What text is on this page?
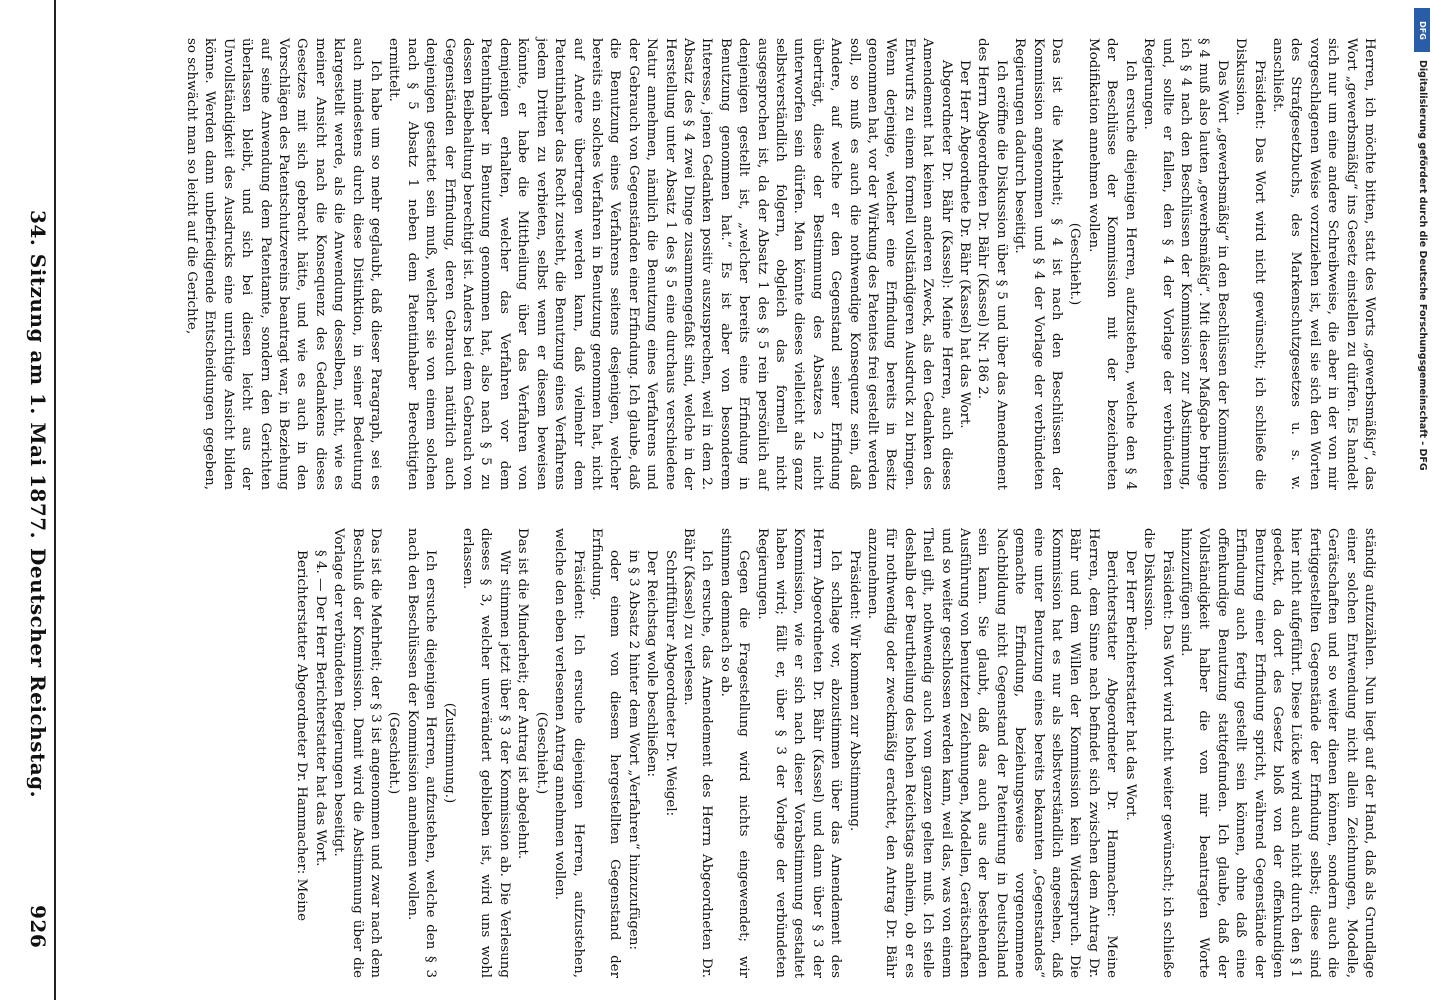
926
Deutscher Reichstag.
34. Sitzung am 1. Mai 1877.

ständig aufzuzählen. Nun liegt auf der Hand, daß als Grundlage einer solchen Entwendung nicht allein Zeichnungen, Modelle, Gerätschaften und so weiter dienen können, sondern auch die fertiggestellten Gegenstände der Erfindung selbst; diese sind hier nicht aufgeführt. Diese Lücke wird auch nicht durch den § 1 gedeckt, da dort des Gesetz bloß von der offenkundigen Benutzung einer Erfindung spricht, während Gegenstände der Erfindung auch fertig gestellt sein können, ohne daß eine offenkundige Benutzung stattgefunden. Ich glaube, daß der Vollständigkeit halber die von mir beantragten Worte hinzuzufügen sind.

Präsident: Das Wort wird nicht weiter gewünscht; ich schließe die Diskussion.

Der Herr Berichterstatter hat das Wort.

Berichterstatter Abgeordneter Dr. Hammacher: Meine Herren, dem Sinne nach befindet sich zwischen dem Antrag Dr. Bähr und dem Willen der Kommission kein Widerspruch. Die Kommission hat es nur als selbstverständlich angesehen, daß eine unter Benutzung eines bereits bekannten „Gegenstandes“ gemachte Erfindung, beziehungsweise vorgenommene Nachbildung nicht Gegenstand der Patentirung in Deutschland sein kann. Sie glaubt, daß das auch aus der bestehenden Ausführung von benutzten Zeichnungen, Modellen, Gerätschaften und so weiter geschlossen werden kann, weil das, was von einem Theil gilt, nothwendig auch vom ganzen gelten muß. Ich stelle deshalb der Beurtheilung des hohen Reichstags anheim, ob er es für nothwendig oder zweckmäßig erachtet, den Antrag Dr. Bähr anzunehmen.

Präsident: Wir kommen zur Abstimmung.

Ich schlage vor, abzustimmen über das Amendement des Herrn Abgeordneten Dr. Bähr (Kassel) und dann über § 3 der Kommission, wie er sich nach dieser Vorabstimmung gestaltet haben wird; fällt er, über § 3 der Vorlage der verbündeten Regierungen.

Gegen die Fragestellung wird nichts eingewendet; wir stimmen demnach so ab.

Ich ersuche, das Amendement des Herrn Abgeordneten Dr. Bähr (Kassel) zu verlesen.

Schriftführer Abgeordneter Dr. Weigel:

Der Reichstag wolle beschließen:

in § 3 Absatz 2 hinter dem Wort „Verfahren“ hinzuzufügen:

oder einem von diesem hergestellten Gegenstand der Erfindung.

Präsident: Ich ersuche diejenigen Herren, aufzustehen, welche den eben verlesenen Antrag annehmen wollen.

(Geschieht.)

Das ist die Minderheit; der Antrag ist abgelehnt.

Wir stimmen jetzt über § 3 der Kommission ab. Die Verlesung dieses § 3, welcher unverändert geblieben ist, wird uns wohl erlassen.

(Zustimmung.)

Ich ersuche diejenigen Herren, aufzustehen, welche den § 3 nach den Beschlüssen der Kommission annehmen wollen.

(Geschieht.)

Das ist die Mehrheit; der § 3 ist angenommen und zwar nach dem Beschluß der Kommission. Damit wird die Abstimmung über die Vorlage der verbündeten Regierungen beseitigt.

§ 4. — Der Herr Berichterstatter hat das Wort.

Berichterstatter Abgeordneter Dr. Hammacher: Meine

Herren, ich möchte bitten, statt des Worts „gewerbsmäßig“, das Wort „gewerbsmäßig“ ins Gesetz einstellen zu dürfen. Es handelt sich nur um eine andere Schreibweise, die aber in der von mir vorgeschlagenen Weise vorzuziehen ist, weil sie sich den Worten des Strafgesetzbuchs, des Markenschutzgesetzes u. s. w. anschließt.

Präsident: Das Wort wird nicht gewünscht; ich schließe die Diskussion.

Das Wort „gewerbsmäßig“ in den Beschlüssen der Kommission § 4 muß also lauten „gewerbsmäßig“. Mit dieser Maßgabe bringe ich § 4 nach den Beschlüssen der Kommission zur Abstimmung, und, sollte er fallen, den § 4 der Vorlage der verbündeten Regierungen.

Ich ersuche diejenigen Herren, aufzustehen, welche den § 4 der Beschlüsse der Kommission mit der bezeichneten Modifikation annehmen wollen.

(Geschieht.)

Das ist die Mehrheit; § 4 ist nach den Beschlüssen der Kommission angenommen und § 4 der Vorlage der verbündeten Regierungen dadurch beseitigt.

Ich eröffne die Diskussion über § 5 und über das Amendement des Herrn Abgeordneten Dr. Bähr (Kassel) Nr. 186 2.

Der Herr Abgeordnete Dr. Bähr (Kassel) hat das Wort.

Abgeordneter Dr. Bähr (Kassel): Meine Herren, auch dieses Amendement hat keinen anderen Zweck, als den Gedanken des Entwurfs zu einem formell vollständigeren Ausdruck zu bringen. Wenn derjenige, welcher eine Erfindung bereits in Besitz genommen hat, vor der Wirkung des Patentes frei gestellt werden soll, so muß es auch die nothwendige Konsequenz sein, daß Andere, auf welche er den Gegenstand seiner Erfindung überträgt, diese der Bestimmung des Absatzes 2 nicht unterworfen sein dürfen. Man könnte dieses vielleicht als ganz selbstverständlich folgern, obgleich das formell nicht ausgesprochen ist, da der Absatz 1 des § 5 rein persönlich auf denjenigen gestellt ist, „welcher bereits eine Erfindung in Benutzung genommen hat.“ Es ist aber von besonderem Interesse, jenen Gedanken positiv auszusprechen, weil in dem 2. Absatz des § 4 zwei Dinge zusammengefaßt sind, welche in der Herstellung unter Absatz 1 des § 5 eine durchaus verschiedene Natur annehmen, nämlich die Benutzung eines Verfahrens und der Gebrauch von Gegenständen einer Erfindung. Ich glaube, daß die Benutzung eines Verfahrens seitens desjenigen, welcher bereits ein solches Verfahren in Benutzung genommen hat, nicht auf Andere übertragen werden kann, daß vielmehr dem Patentinhaber das Recht zusteht, die Benutzung eines Verfahrens jedem Dritten zu verbieten, selbst wenn er diesem beweisen könnte, er habe die Mittheilung über das Verfahren von demjenigen erhalten, welcher das Verfahren vor dem Patentinhaber in Benutzung genommen hat, also nach § 5 zu dessen Beibehaltung berechtigt ist. Anders bei dem Gebrauch von Gegenständen der Erfindung, deren Gebrauch natürlich auch denjenigen gestattet sein muß, welcher sie von einem solchen nach § 5 Absatz 1 neben dem Patentinhaber Berechtigten ermittelt.

Ich habe um so mehr geglaubt, daß dieser Paragraph, sei es auch mindestens durch diese Distinktion, in seiner Bedeutung klargestellt werde, als die Anwendung desselben, nicht, wie es meiner Ansicht nach die Konsequenz des Gedankens dieses Gesetzes mit sich gebracht hätte, und wie es auch in den Vorschlägen des Patentschutzvereins beantragt war, in Beziehung auf seine Anwendung dem Patentamte, sondern den Gerichten überlassen bleibt, und sich bei diesen leicht aus der Unvollständigkeit des Ausdrucks eine unrichtige Ansicht bilden könne. Werden dann unbefriedigende Entscheidungen gegeben, so schwächt man so leicht auf die Gerichte,	Digitalisierung gefördert durch die Deutsche Forschungsgemeinschaft - DFG
DFG
